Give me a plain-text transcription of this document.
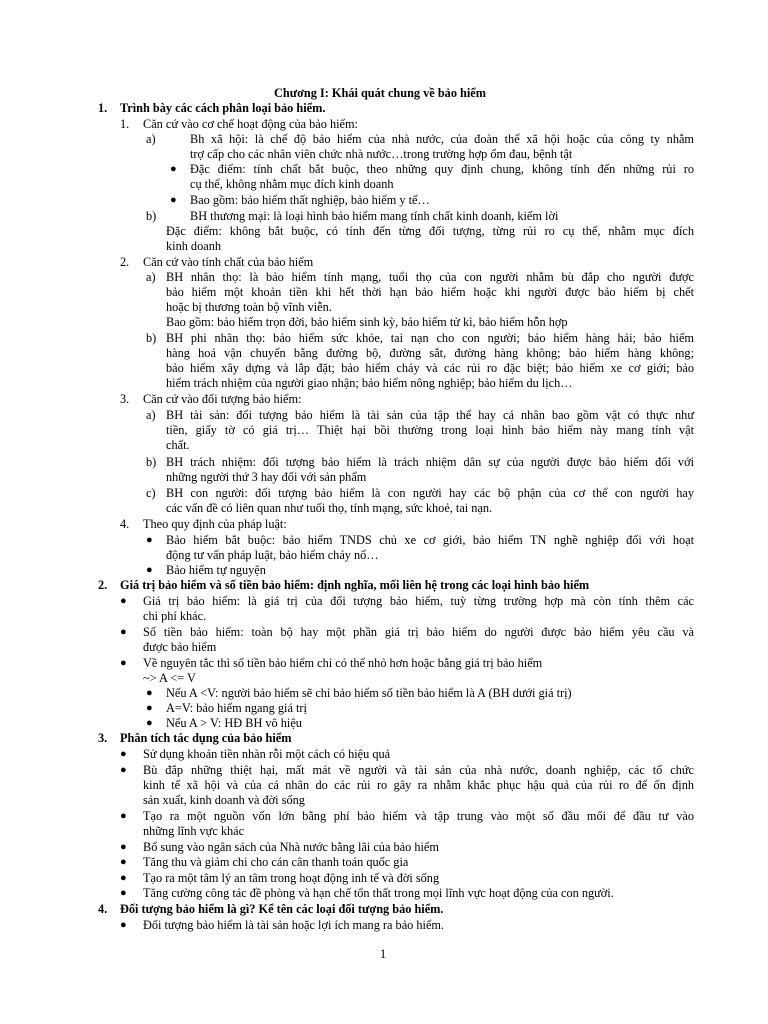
Chương I: Khái quát chung về bảo hiểm
1. Trình bày các cách phân loại bảo hiểm.
1. Căn cứ vào cơ chế hoạt động của bảo hiểm:
a)	Bh xã hội: là chế độ bảo hiểm của nhà nước, của đoàn thể xã hội hoặc của công ty nhằm
trợ cấp cho các nhân viên chức nhà nước…trong trường hợp ốm đau, bệnh tật
● Đặc điểm: tính chất bắt buộc, theo những quy định chung, không tính đến những rủi ro
cụ thể, không nhằm mục đích kinh doanh
● Bao gồm: bảo hiểm thất nghiệp, bảo hiểm y tế…
b)	BH thương mại: là loại hình bảo hiểm mang tính chất kinh doanh, kiếm lời
Đặc điểm: không bắt buộc, có tính đến từng đối tượng, từng rủi ro cụ thể, nhằm mục đích
kinh doanh
2. Căn cứ vào tính chất của bảo hiểm
a) BH nhân thọ: là bảo hiểm tính mạng, tuổi thọ của con người nhằm bù đắp cho người được
bảo hiểm một khoản tiền khi hết thời hạn bảo hiểm hoặc khi người được bảo hiểm bị chết
hoặc bị thương toàn bộ vĩnh viễn.
Bao gồm: bảo hiểm trọn đời, bảo hiểm sinh kỳ, bảo hiểm tử kì, bảo hiểm hỗn hợp
b) BH phi nhân thọ: bảo hiểm sức khỏe, tai nạn cho con người; bảo hiểm hàng hải; bảo hiểm
hàng hoá vận chuyển bằng đường bộ, đường sắt, đường hàng không; bảo hiểm hàng không;
bảo hiểm xây dựng và lắp đặt; bảo hiểm cháy và các rủi ro đặc biệt; bảo hiểm xe cơ giới; bảo
hiểm trách nhiệm của người giao nhận; bảo hiểm nông nghiệp; bảo hiểm du lịch…
3. Căn cứ vào đối tượng bảo hiểm:
a) BH tài sản: đối tượng bảo hiểm là tài sản của tập thể hay cá nhân bao gồm vật có thực như
tiền, giấy tờ có giá trị… Thiệt hại bồi thường trong loại hình bảo hiểm này mang tính vật
chất.
b) BH trách nhiệm: đối tượng bảo hiểm là trách nhiệm dân sự của người được bảo hiểm đối với
những người thứ 3 hay đối với sản phẩm
c) BH con người: đối tượng bảo hiểm là con người hay các bộ phận của cơ thể con người hay
các vấn đề có liên quan như tuổi thọ, tính mạng, sức khoẻ, tai nạn.
4. Theo quy định của pháp luật:
● Bảo hiểm bắt buộc: bảo hiểm TNDS chủ xe cơ giới, bảo hiểm TN nghề nghiệp đối với hoạt
động tư vấn pháp luật, bảo hiểm cháy nổ…
● Bảo hiểm tự nguyện
2. Giá trị bảo hiểm và số tiền bảo hiểm: định nghĩa, mối liên hệ trong các loại hình bảo hiểm
● Giá trị bảo hiểm: là giá trị của đối tượng bảo hiểm, tuỳ từng trường hợp mà còn tính thêm các
chi phí khác.
● Số tiền bảo hiểm: toàn bộ hay một phần giá trị bảo hiểm do người được bảo hiểm yêu cầu và
được bảo hiểm
● Về nguyên tắc thì số tiền bảo hiểm chỉ có thể nhỏ hơn hoặc bằng giá trị bảo hiểm
~> A <= V
● Nếu A <V: người bảo hiểm sẽ chỉ bảo hiểm số tiền bảo hiểm là A (BH dưới giá trị)
● A=V: bảo hiểm ngang giá trị
● Nếu A > V: HĐ BH vô hiệu
3. Phân tích tác dụng của bảo hiểm
● Sử dụng khoản tiền nhàn rỗi một cách có hiệu quả
● Bù đắp những thiệt hại, mất mát về người và tài sản của nhà nước, doanh nghiệp, các tổ chức
kinh tế xã hội và của cá nhân do các rủi ro gây ra nhằm khắc phục hậu quả của rủi ro để ổn định
sản xuất, kinh doanh và đời sống
● Tạo ra một nguồn vốn lớn bằng phí bảo hiểm và tập trung vào một số đầu mối để đầu tư vào
những lĩnh vực khác
● Bổ sung vào ngân sách của Nhà nước bằng lãi của bảo hiểm
● Tăng thu và giảm chi cho cán cân thanh toán quốc gia
● Tạo ra một tâm lý an tâm trong hoạt động inh tế và đời sống
● Tăng cường công tác đề phòng và hạn chế tổn thất trong mọi lĩnh vực hoạt động của con người.
4. Đối tượng bảo hiểm là gì? Kể tên các loại đối tượng bảo hiểm.
● Đối tượng bảo hiểm là tài sản hoặc lợi ích mang ra bảo hiểm.
1
